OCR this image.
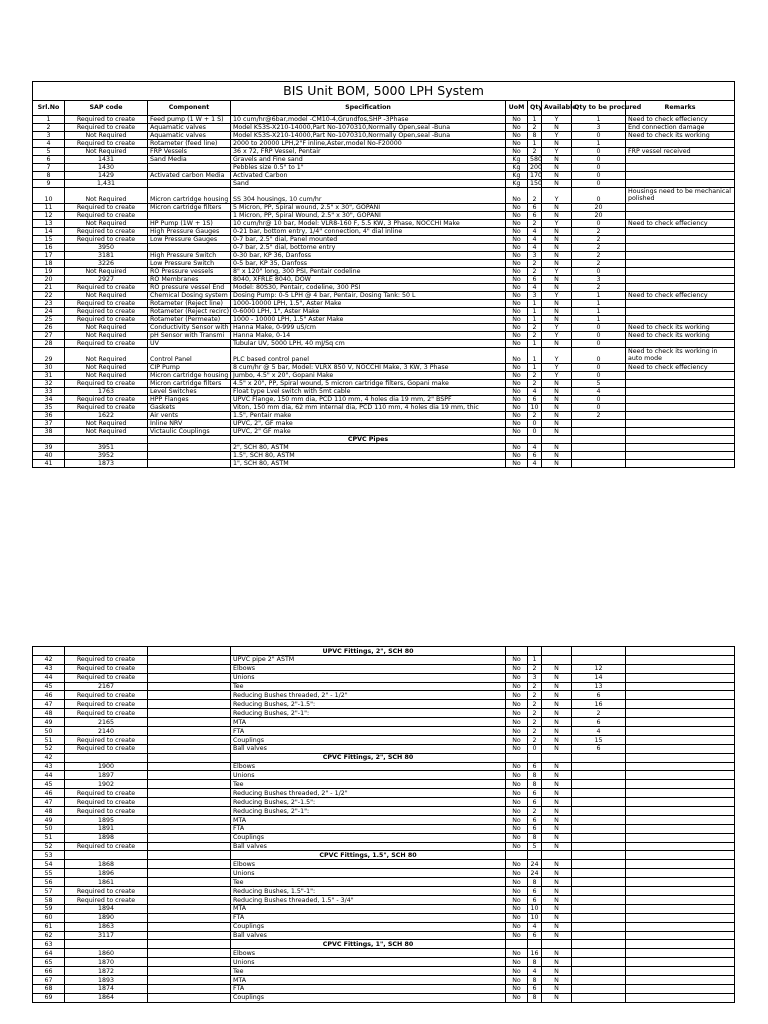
BIS Unit BOM, 5000 LPH System								
Srl.No	SAP code	Component	Specification	UoM	Qty	Available	Qty to be procured	Remarks
1	Required to create	Feed pump (1 W + 1 S)	10 cum/hr@6bar,model -CM10-4,Grundfos,SHP -3Phase	No	1	Y	1	Need to check effeciency
2	Required to create	Aquamatic valves	Model K53S-X210-14000,Part No-1070310,Normally Open,seal -Buna	No	2	N	3	End connection damage
3	Not Required	Aquamatic valves	Model K53S-X210-14000,Part No-1070310,Normally Open,seal -Buna	No	8	Y	0	Need to check its working
4	Required to create	Rotameter (feed line)	2000 to 20000 LPH,2"F inline,Aster,model No-F20000	No	1	N	1	
5	Not Required	FRP Vessels	36 x 72, FRP Vessel, Pentair	No	2	Y	0	FRP vessel received
6	1431	Sand Media	Gravels and Fine sand	Kg	580	N	0	
7	1430		Pebbles size 0.5" to 1"	Kg	200	N	0	
8	1429	Activated carbon Media	Activated Carbon	Kg	170	N	0	
9	1,431		Sand	Kg	150	N	0	
10	Not Required	Micron cartridge housing	SS 304 housings, 10 cum/hr	No	2	Y	0	Housings need to be mechanical polished
11	Required to create	Micron cartridge filters	5 Micron, PP, Spiral wound, 2.5" x 30", GOPANI	No	6	N	20	
12	Required to create		1 Micron, PP, Spiral Wound, 2.5" x 30", GOPANI	No	6	N	20	
13	Not Required	HP Pump (1W + 1S)	10 cum/hr@ 10 bar, Model: VLR8-160 F, 5.5 KW, 3 Phase, NOCCHI Make	No	2	Y	0	Need to check effeciency
14	Required to create	High Pressure Gauges	0-21 bar, bottom entry, 1/4" connection, 4" dial inline	No	4	N	2	
15	Required to create	Low Pressure Gauges	0-7 bar, 2.5" dial, Panel mounted	No	4	N	2	
16	3950		0-7 bar, 2.5" dial, bottome entry	No	4	N	2	
17	3181	High Pressure Switch	0-30 bar, KP 36, Danfoss	No	3	N	2	
18	3226	Low Pressure Switch	0-5 bar, KP 35, Danfoss	No	2	N	2	
19	Not Required	RO Pressure vessels	8" x 120" long, 300 PSI, Pentair codeline	No	2	Y	0	
20	2927	RO Membranes	8040, XFRLE 8040, DOW	No	6	N	3	
21	Required to create	RO pressure vessel End	Model: 80S30, Pentair, codeline, 300 PSI	No	4	N	2	
22	Not Required	Chemical Dosing system	Dosing Pump: 0-5 LPH @ 4 bar, Pentair, Dosing Tank: 50 L	No	3	Y	1	Need to check effeciency
23	Required to create	Rotameter (Reject line)	1000-10000 LPH, 1.5", Aster Make	No	1	N	1	
24	Required to create	Rotameter (Reject recirc)	0-6000 LPH, 1", Aster Make	No	1	N	1	
25	Required to create	Rotameter (Permeate)	1000 - 10000 LPH, 1.5" Aster Make	No	1	N	1	
26	Not Required	Conductivity Sensor with	Hanna Make, 0-999 uS/cm	No	2	Y	0	Need to check its working
27	Not Required	pH Sensor with Transmi	Hanna Make, 0-14	No	2	Y	0	Need to check its working
28	Required to create	UV	Tubular UV, 5000 LPH, 40 mJ/Sq cm	No	1	N	0	
29	Not Required	Control Panel	PLC based control panel	No	1	Y	0	Need to check its working in auto mode
30	Not Required	CIP Pump	8 cum/hr @ 5 bar, Model: VLRX 850 V, NOCCHI Make, 3 KW, 3 Phase	No	1	Y	0	Need to check effeciency
31	Not Required	Micron cartridge housing	Jumbo, 4.5" x 20", Gopani Make	No	2	Y	0	
32	Required to create	Micron cartridge filters	4.5" x 20", PP, Spiral wound, 5 micron cartridge filters, Gopani make	No	2	N	5	
33	1763	Level Switches	Float type Lvel switch with 5mt cable	No	4	N	4	
34	Required to create	HPP Flanges	UPVC Flange, 150 mm dia, PCD 110 mm, 4 holes dia 19 mm, 2" BSPF	No	6	N	0	
35	Required to create	Gaskets	Viton, 150 mm dia, 62 mm internal dia, PCD 110 mm, 4 holes dia 19 mm, thic	No	10	N	0	
36	1622	Air vents	1.5", Pentair make	No	2	N	2	
37	Not Required	Inline NRV	UPVC, 2", GF make	No	0	N		
38	Not Required	Victaulic Couplings	UPVC, 2" GF make	No	0	N		
			CPVC Pipes					
39	3951		2", SCH 80, ASTM	No	4	N		
40	3952		1.5", SCH 80, ASTM	No	6	N		
41	1873		1", SCH 80, ASTM	No	4	N		
			UPVC Fittings, 2", SCH 80					
42	Required to create		UPVC pipe 2" ASTM	No	1			
43	Required to create		Elbows	No	2	N	12	
44	Required to create		Unions	No	3	N	14	
45	2167		Tee	No	2	N	13	
46	Required to create		Reducing Bushes threaded, 2" - 1/2"	No	2	N	6	
47	Required to create		Reducing Bushes, 2"-1.5":	No	2	N	16	
48	Required to create		Reducing Bushes, 2"-1":	No	2	N	2	
49	2165		MTA	No	2	N	6	
50	2140		FTA	No	2	N	4	
51	Required to create		Couplings	No	2	N	15	
52	Required to create		Ball valves	No	0	N	6	
42			CPVC Fittings, 2", SCH 80					
43	1900		Elbows	No	6	N		
44	1897		Unions	No	8	N		
45	1902		Tee	No	8	N		
46	Required to create		Reducing Bushes threaded, 2" - 1/2"	No	6	N		
47	Required to create		Reducing Bushes, 2"-1.5":	No	6	N		
48	Required to create		Reducing Bushes, 2"-1":	No	2	N		
49	1895		MTA	No	6	N		
50	1891		FTA	No	6	N		
51	1898		Couplings	No	8	N		
52	Required to create		Ball valves	No	5	N		
53			CPVC Fittings, 1.5", SCH 80					
54	1868		Elbows	No	24	N		
55	1896		Unions	No	24	N		
56	1861		Tee	No	8	N		
57	Required to create		Reducing Bushes, 1.5"-1":	No	6	N		
58	Required to create		Reducing Bushes threaded, 1.5" - 3/4"	No	6	N		
59	1894		MTA	No	10	N		
60	1890		FTA	No	10	N		
61	1863		Couplings	No	4	N		
62	3117		Ball valves	No	6	N		
63			CPVC Fittings, 1", SCH 80					
64	1860		Elbows	No	16	N		
65	1870		Unions	No	8	N		
66	1872		Tee	No	4	N		
67	1893		MTA	No	8	N		
68	1874		FTA	No	6	N		
69	1864		Couplings	No	8	N		
